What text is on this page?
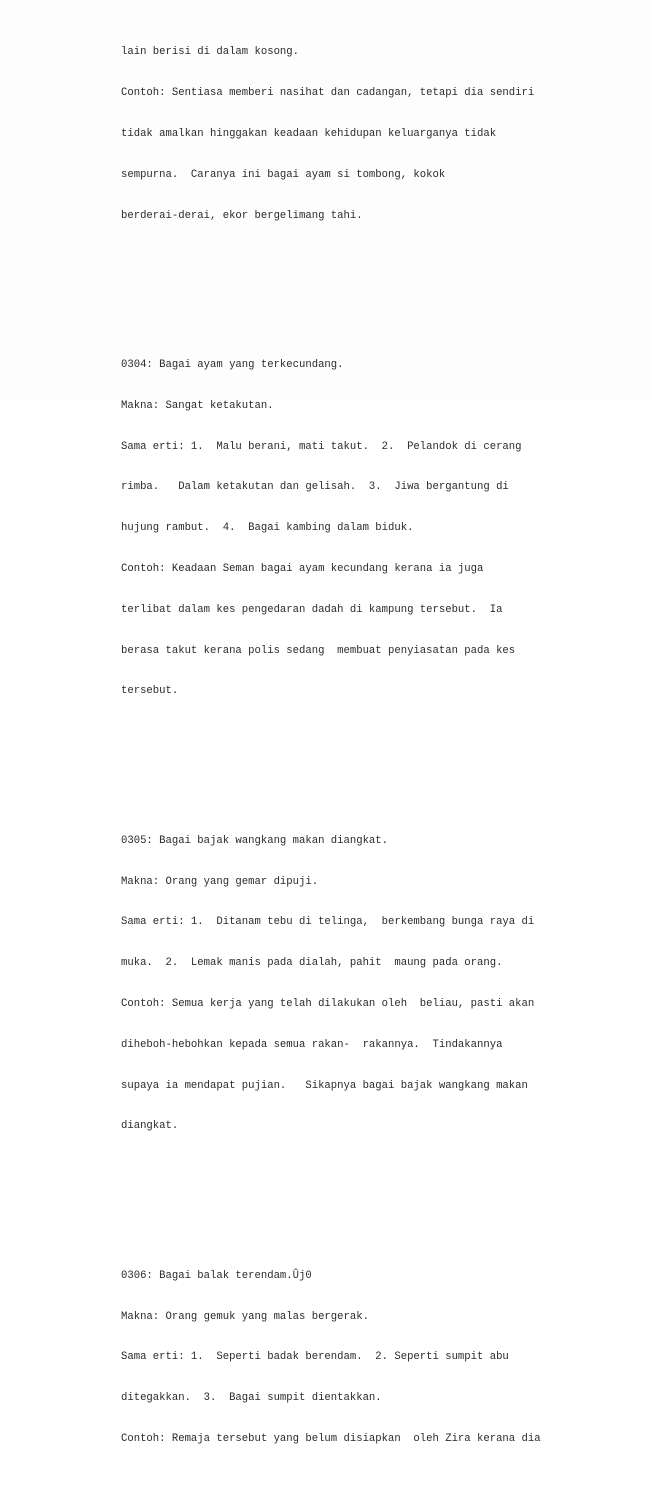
lain berisi di dalam kosong.

Contoh: Sentiasa memberi nasihat dan cadangan, tetapi dia sendiri

tidak amalkan hinggakan keadaan kehidupan keluarganya tidak

sempurna.  Caranya ini bagai ayam si tombong, kokok

berderai-derai, ekor bergelimang tahi.

0304: Bagai ayam yang terkecundang.

Makna: Sangat ketakutan.

Sama erti: 1.  Malu berani, mati takut.  2.  Pelandok di cerang

rimba.   Dalam ketakutan dan gelisah.  3.  Jiwa bergantung di

hujung rambut.  4.  Bagai kambing dalam biduk.

Contoh: Keadaan Seman bagai ayam kecundang kerana ia juga

terlibat dalam kes pengedaran dadah di kampung tersebut.  Ia

berasa takut kerana polis sedang  membuat penyiasatan pada kes

tersebut.

0305: Bagai bajak wangkang makan diangkat.

Makna: Orang yang gemar dipuji.

Sama erti: 1.  Ditanam tebu di telinga,  berkembang bunga raya di

muka.  2.  Lemak manis pada dialah, pahit  maung pada orang.

Contoh: Semua kerja yang telah dilakukan oleh  beliau, pasti akan

diheboh-hebohkan kepada semua rakan-  rakannya.  Tindakannya

supaya ia mendapat pujian.   Sikapnya bagai bajak wangkang makan

diangkat.

0306: Bagai balak terendam.Ûj0

Makna: Orang gemuk yang malas bergerak.

Sama erti: 1.  Seperti badak berendam.  2. Seperti sumpit abu

ditegakkan.  3.  Bagai sumpit dientakkan.

Contoh: Remaja tersebut yang belum disiapkan  oleh Zira kerana dia
